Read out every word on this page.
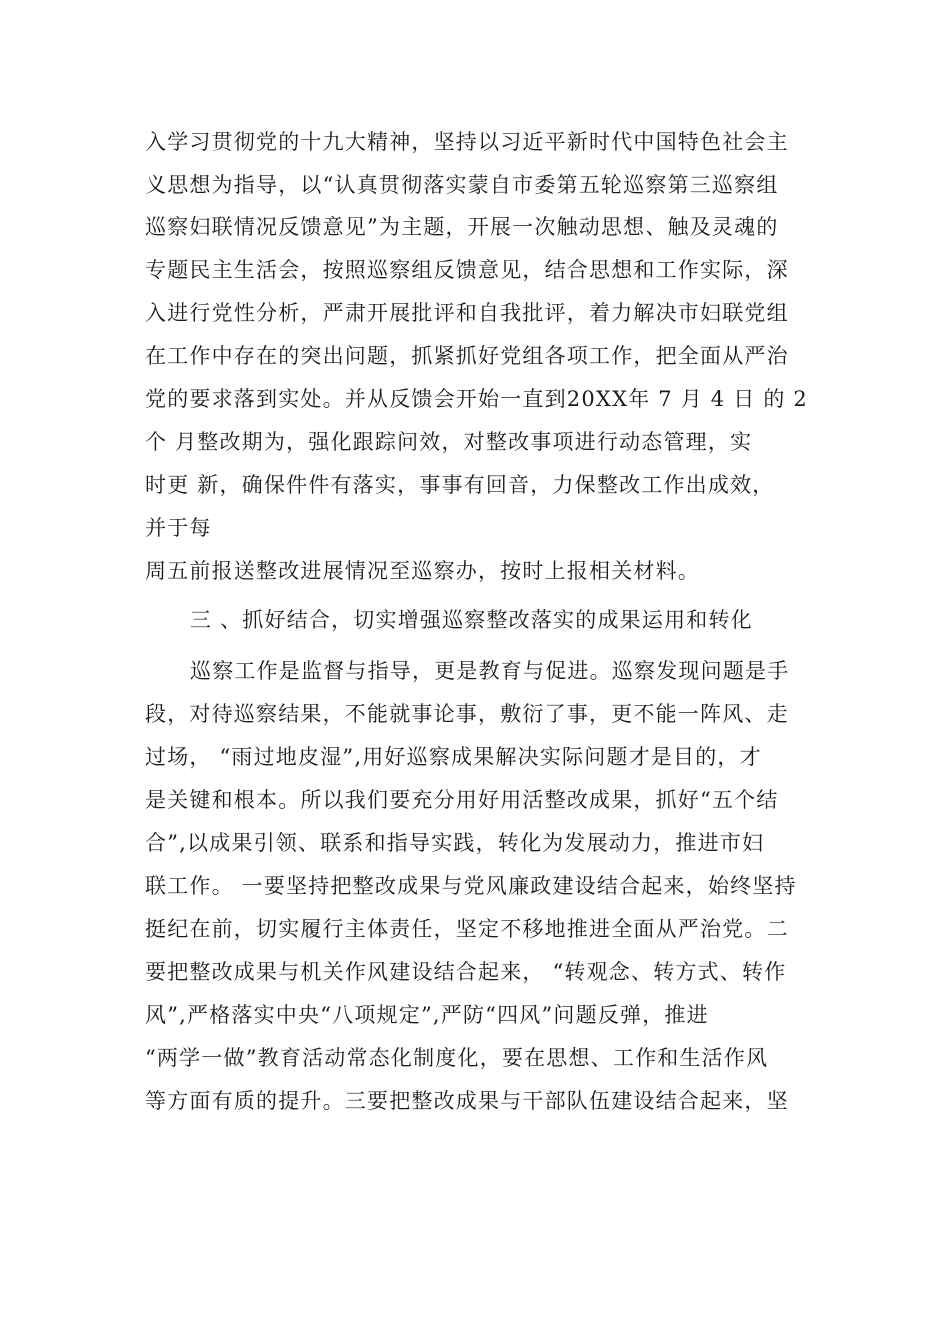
入学习贯彻党的十九大精神，坚持以习近平新时代中国特色社会主
义思想为指导，以“认真贯彻落实蒙自市委第五轮巡察第三巡察组
巡察妇联情况反馈意见”为主题，开展一次触动思想、触及灵魂的
专题民主生活会，按照巡察组反馈意见，结合思想和工作实际，深
入进行党性分析，严肃开展批评和自我批评，着力解决市妇联党组
在工作中存在的突出问题，抓紧抓好党组各项工作，把全面从严治
党的要求落到实处。并从反馈会开始一直到20XX年 7 月 4 日 的 2
个 月整改期为，强化跟踪问效，对整改事项进行动态管理，实
时更 新，确保件件有落实，事事有回音，力保整改工作出成效，
并于每
周五前报送整改进展情况至巡察办，按时上报相关材料。
三 、抓好结合，切实增强巡察整改落实的成果运用和转化
巡察工作是监督与指导，更是教育与促进。巡察发现问题是手
段，对待巡察结果，不能就事论事，敷衍了事，更不能一阵风、走
过场， “雨过地皮湿”,用好巡察成果解决实际问题才是目的，才
是关键和根本。所以我们要充分用好用活整改成果，抓好“五个结
合”,以成果引领、联系和指导实践，转化为发展动力，推进市妇
联工作。 一要坚持把整改成果与党风廉政建设结合起来，始终坚持
挺纪在前，切实履行主体责任，坚定不移地推进全面从严治党。二
要把整改成果与机关作风建设结合起来， “转观念、转方式、转作
风”,严格落实中央“八项规定”,严防“四风”问题反弹，推进
“两学一做”教育活动常态化制度化，要在思想、工作和生活作风
等方面有质的提升。三要把整改成果与干部队伍建设结合起来，坚
